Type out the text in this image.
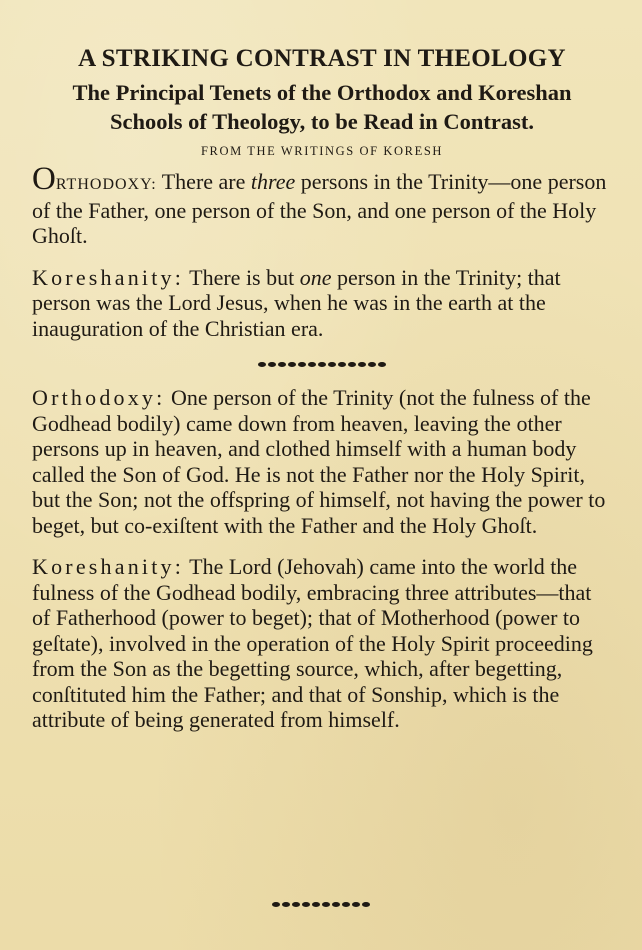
A STRIKING CONTRAST IN THEOLOGY
The Principal Tenets of the Orthodox and Koreshan Schools of Theology, to be Read in Contrast.
FROM THE WRITINGS OF KORESH

ORTHODOXY: There are three persons in the Trinity—one person of the Father, one person of the Son, and one person of the Holy Ghoſt.

Koreshanity: There is but one person in the Trinity; that person was the Lord Jesus, when he was in the earth at the inauguration of the Christian era.

Orthodoxy: One person of the Trinity (not the fulness of the Godhead bodily) came down from heaven, leaving the other persons up in heaven, and clothed himself with a human body called the Son of God. He is not the Father nor the Holy Spirit, but the Son; not the offspring of himself, not having the power to beget, but co-exiſtent with the Father and the Holy Ghoſt.

Koreshanity: The Lord (Jehovah) came into the world the fulness of the Godhead bodily, embracing three attributes—that of Fatherhood (power to beget); that of Motherhood (power to geſtate), involved in the operation of the Holy Spirit proceeding from the Son as the begetting source, which, after begetting, conſtituted him the Father; and that of Sonship, which is the attribute of being generated from himself.
